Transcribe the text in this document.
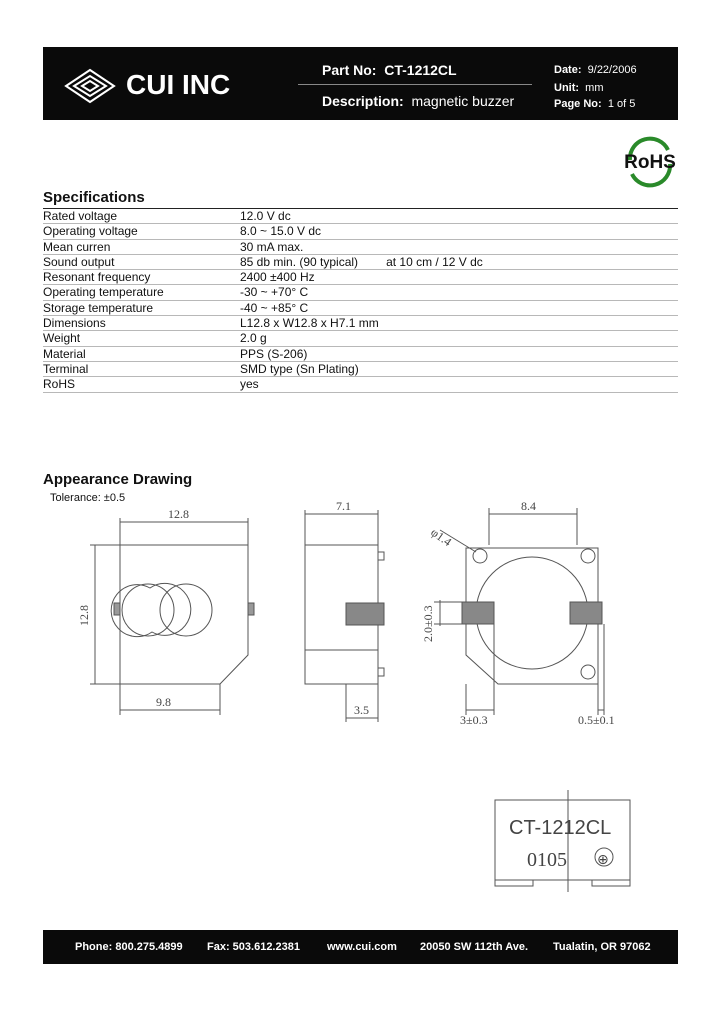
CUI INC	Part No: CT-1212CL
Description: magnetic buzzer
Date: 9/22/2006
Unit: mm
Page No: 1 of 5
RoHS
Specifications
Rated voltage	12.0 V dc
Operating voltage	8.0 ~ 15.0 V dc
Mean curren	30 mA max.
Sound output	85 db min. (90 typical) at 10 cm / 12 V dc
Resonant frequency	2400 ±400 Hz
Operating temperature	-30 ~ +70° C
Storage temperature	-40 ~ +85° C
Dimensions	L12.8 x W12.8 x H7.1 mm
Weight	2.0 g
Material	PPS (S-206)
Terminal	SMD type (Sn Plating)
RoHS	yes
Appearance Drawing
Tolerance: ±0.5
12.8
12.8
9.8
7.1
3.5
8.4
φ1.4
2.0±0.3
3±0.3	0.5±0.1
CT-1212CL
0105 ⊕
Phone: 800.275.4899 Fax: 503.612.2381 www.cui.com 20050 SW 112th Ave. Tualatin, OR 97062
